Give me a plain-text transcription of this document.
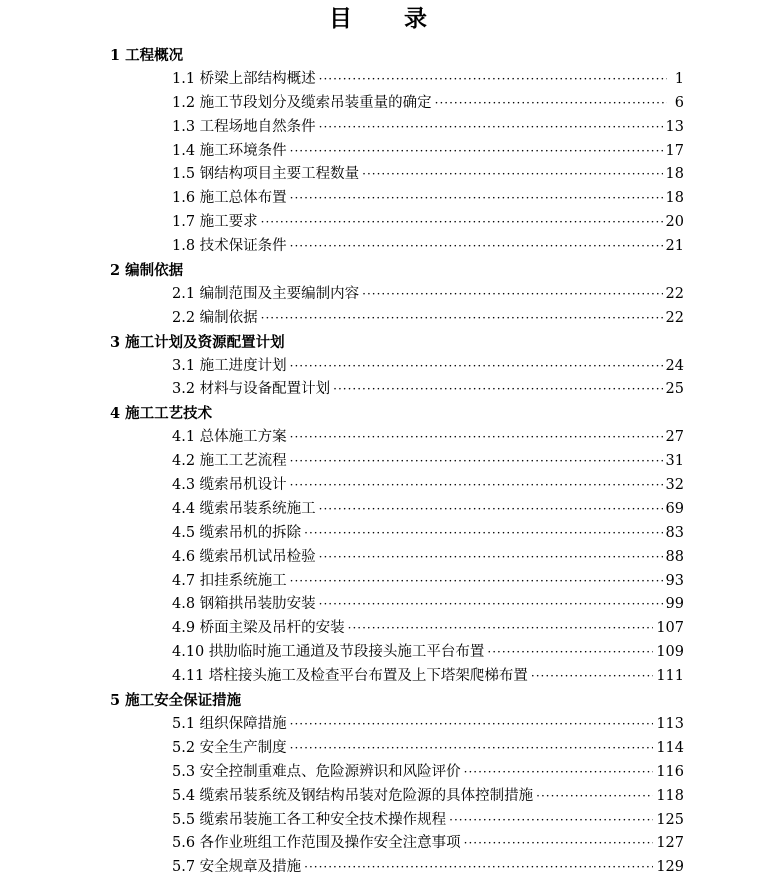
目 录
1 工程概况
1.1 桥梁上部结构概述 ·····	1
1.2 施工节段划分及缆索吊装重量的确定 ·····	6
1.3 工程场地自然条件 ·····	13
1.4 施工环境条件 ·····	17
1.5 钢结构项目主要工程数量 ·····	18
1.6 施工总体布置 ·····	18
1.7 施工要求 ·····	20
1.8 技术保证条件 ·····	21
2 编制依据
2.1 编制范围及主要编制内容 ·····	22
2.2 编制依据 ·····	22
3 施工计划及资源配置计划
3.1 施工进度计划 ·····	24
3.2 材料与设备配置计划 ·····	25
4 施工工艺技术
4.1 总体施工方案 ·····	27
4.2 施工工艺流程 ·····	31
4.3 缆索吊机设计 ·····	32
4.4 缆索吊装系统施工 ·····	69
4.5 缆索吊机的拆除 ·····	83
4.6 缆索吊机试吊检验 ·····	88
4.7 扣挂系统施工 ·····	93
4.8 钢箱拱吊装肋安装 ·····	99
4.9 桥面主梁及吊杆的安装 ·····	107
4.10 拱肋临时施工通道及节段接头施工平台布置 ·····	109
4.11 塔柱接头施工及检查平台布置及上下塔架爬梯布置 ·····	111
5 施工安全保证措施
5.1 组织保障措施 ·····	113
5.2 安全生产制度 ·····	114
5.3 安全控制重难点、危险源辨识和风险评价 ·····	116
5.4 缆索吊装系统及钢结构吊装对危险源的具体控制措施 ·····	118
5.5 缆索吊装施工各工种安全技术操作规程 ·····	125
5.6 各作业班组工作范围及操作安全注意事项 ·····	127
5.7 安全规章及措施 ·····	129
